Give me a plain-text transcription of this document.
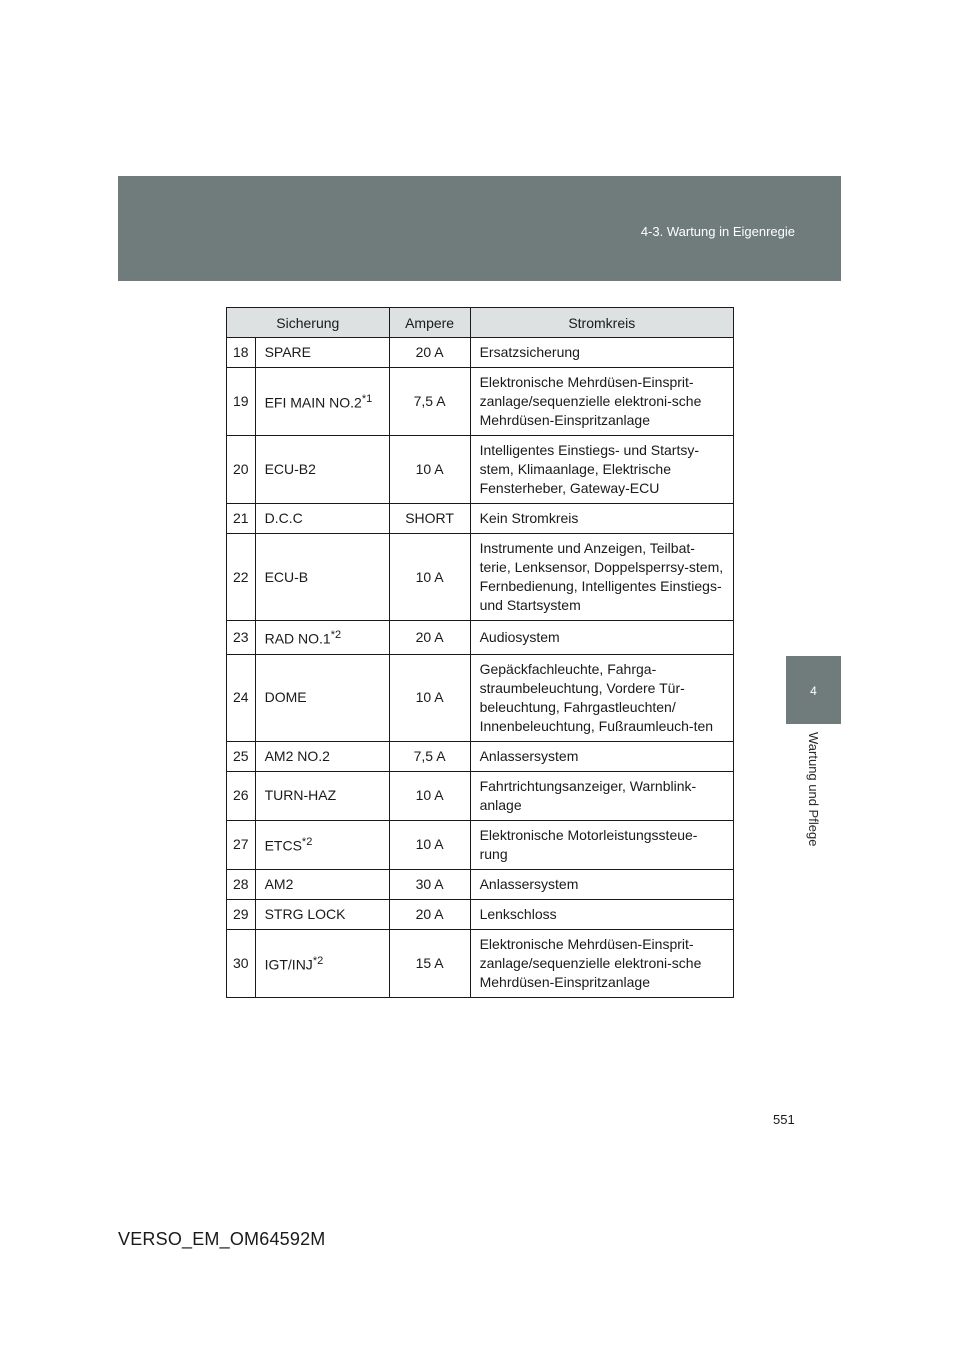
4-3. Wartung in Eigenregie
4
Wartung und Pflege
Sicherung		Ampere	Stromkreis
18	SPARE	20 A	Ersatzsicherung
19	EFI MAIN NO.2$^{*1}$	7,5 A	Elektronische Mehrdüsen-Einsprit-zanlage/sequenzielle elektroni-sche Mehrdüsen-Einspritzanlage
20	ECU-B2	10 A	Intelligentes Einstiegs- und Startsy-stem, Klimaanlage, Elektrische Fensterheber, Gateway-ECU
21	D.C.C	SHORT	Kein Stromkreis
22	ECU-B	10 A	Instrumente und Anzeigen, Teilbat-terie, Lenksensor, Doppelsperrsy-stem, Fernbedienung, Intelligentes Einstiegs- und Startsystem
23	RAD NO.1$^{*2}$	20 A	Audiosystem
24	DOME	10 A	Gepäckfachleuchte, Fahrga-straumbeleuchtung, Vordere Tür-beleuchtung, Fahrgastleuchten/ Innenbeleuchtung, Fußraumleuch-ten
25	AM2 NO.2	7,5 A	Anlassersystem
26	TURN-HAZ	10 A	Fahrtrichtungsanzeiger, Warnblink-anlage
27	ETCS$^{*2}$	10 A	Elektronische Motorleistungssteue-rung
28	AM2	30 A	Anlassersystem
29	STRG LOCK	20 A	Lenkschloss
30	IGT/INJ$^{*2}$	15 A	Elektronische Mehrdüsen-Einsprit-zanlage/sequenzielle elektroni-sche Mehrdüsen-Einspritzanlage
551
VERSO_EM_OM64592M
